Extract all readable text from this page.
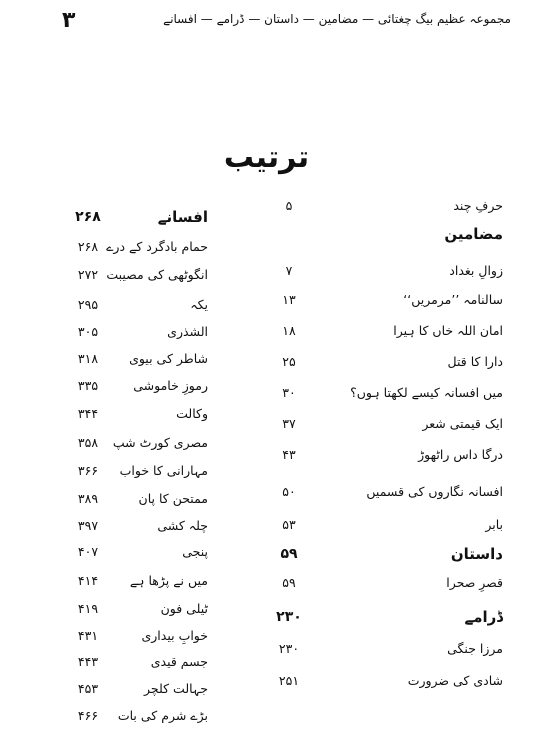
۳	مجموعہ عظیم بیگ چغتائی — مضامین — داستان — ڈرامے — افسانے
ترتیب
حرفِ چند
۵
مضامین
زوالِ بغداد
۷
سالنامہ ’’مرمریں‘‘
۱۳
امان اللہ خاں کا ہیرا
۱۸
دارا کا قتل
۲۵
میں افسانہ کیسے لکھتا ہوں؟
۳۰
ایک قیمتی شعر
۳۷
درگا داس راٹھوڑ
۴۳
افسانہ نگاروں کی قسمیں
۵۰
بابر
۵۳
داستان
۵۹
قصرِ صحرا
۵۹
ڈرامے
۲۳۰
مرزا جنگی
۲۳۰
شادی کی ضرورت
۲۵۱
افسانے
۲۶۸
حمام بادگرد کے درے
۲۶۸
انگوٹھی کی مصیبت
۲۷۲
یکہ
۲۹۵
الشذری
۳۰۵
شاطر کی بیوی
۳۱۸
رموزِ خاموشی
۳۳۵
وکالت
۳۴۴
مصری کورٹ شپ
۳۵۸
مہارانی کا خواب
۳۶۶
ممتحن کا پان
۳۸۹
چلہ کشی
۳۹۷
پنجی
۴۰۷
میں نے پڑھا ہے
۴۱۴
ٹیلی فون
۴۱۹
خوابِ بیداری
۴۳۱
جسم قیدی
۴۴۳
جہالت کلچر
۴۵۳
بڑے شرم کی بات
۴۶۶
